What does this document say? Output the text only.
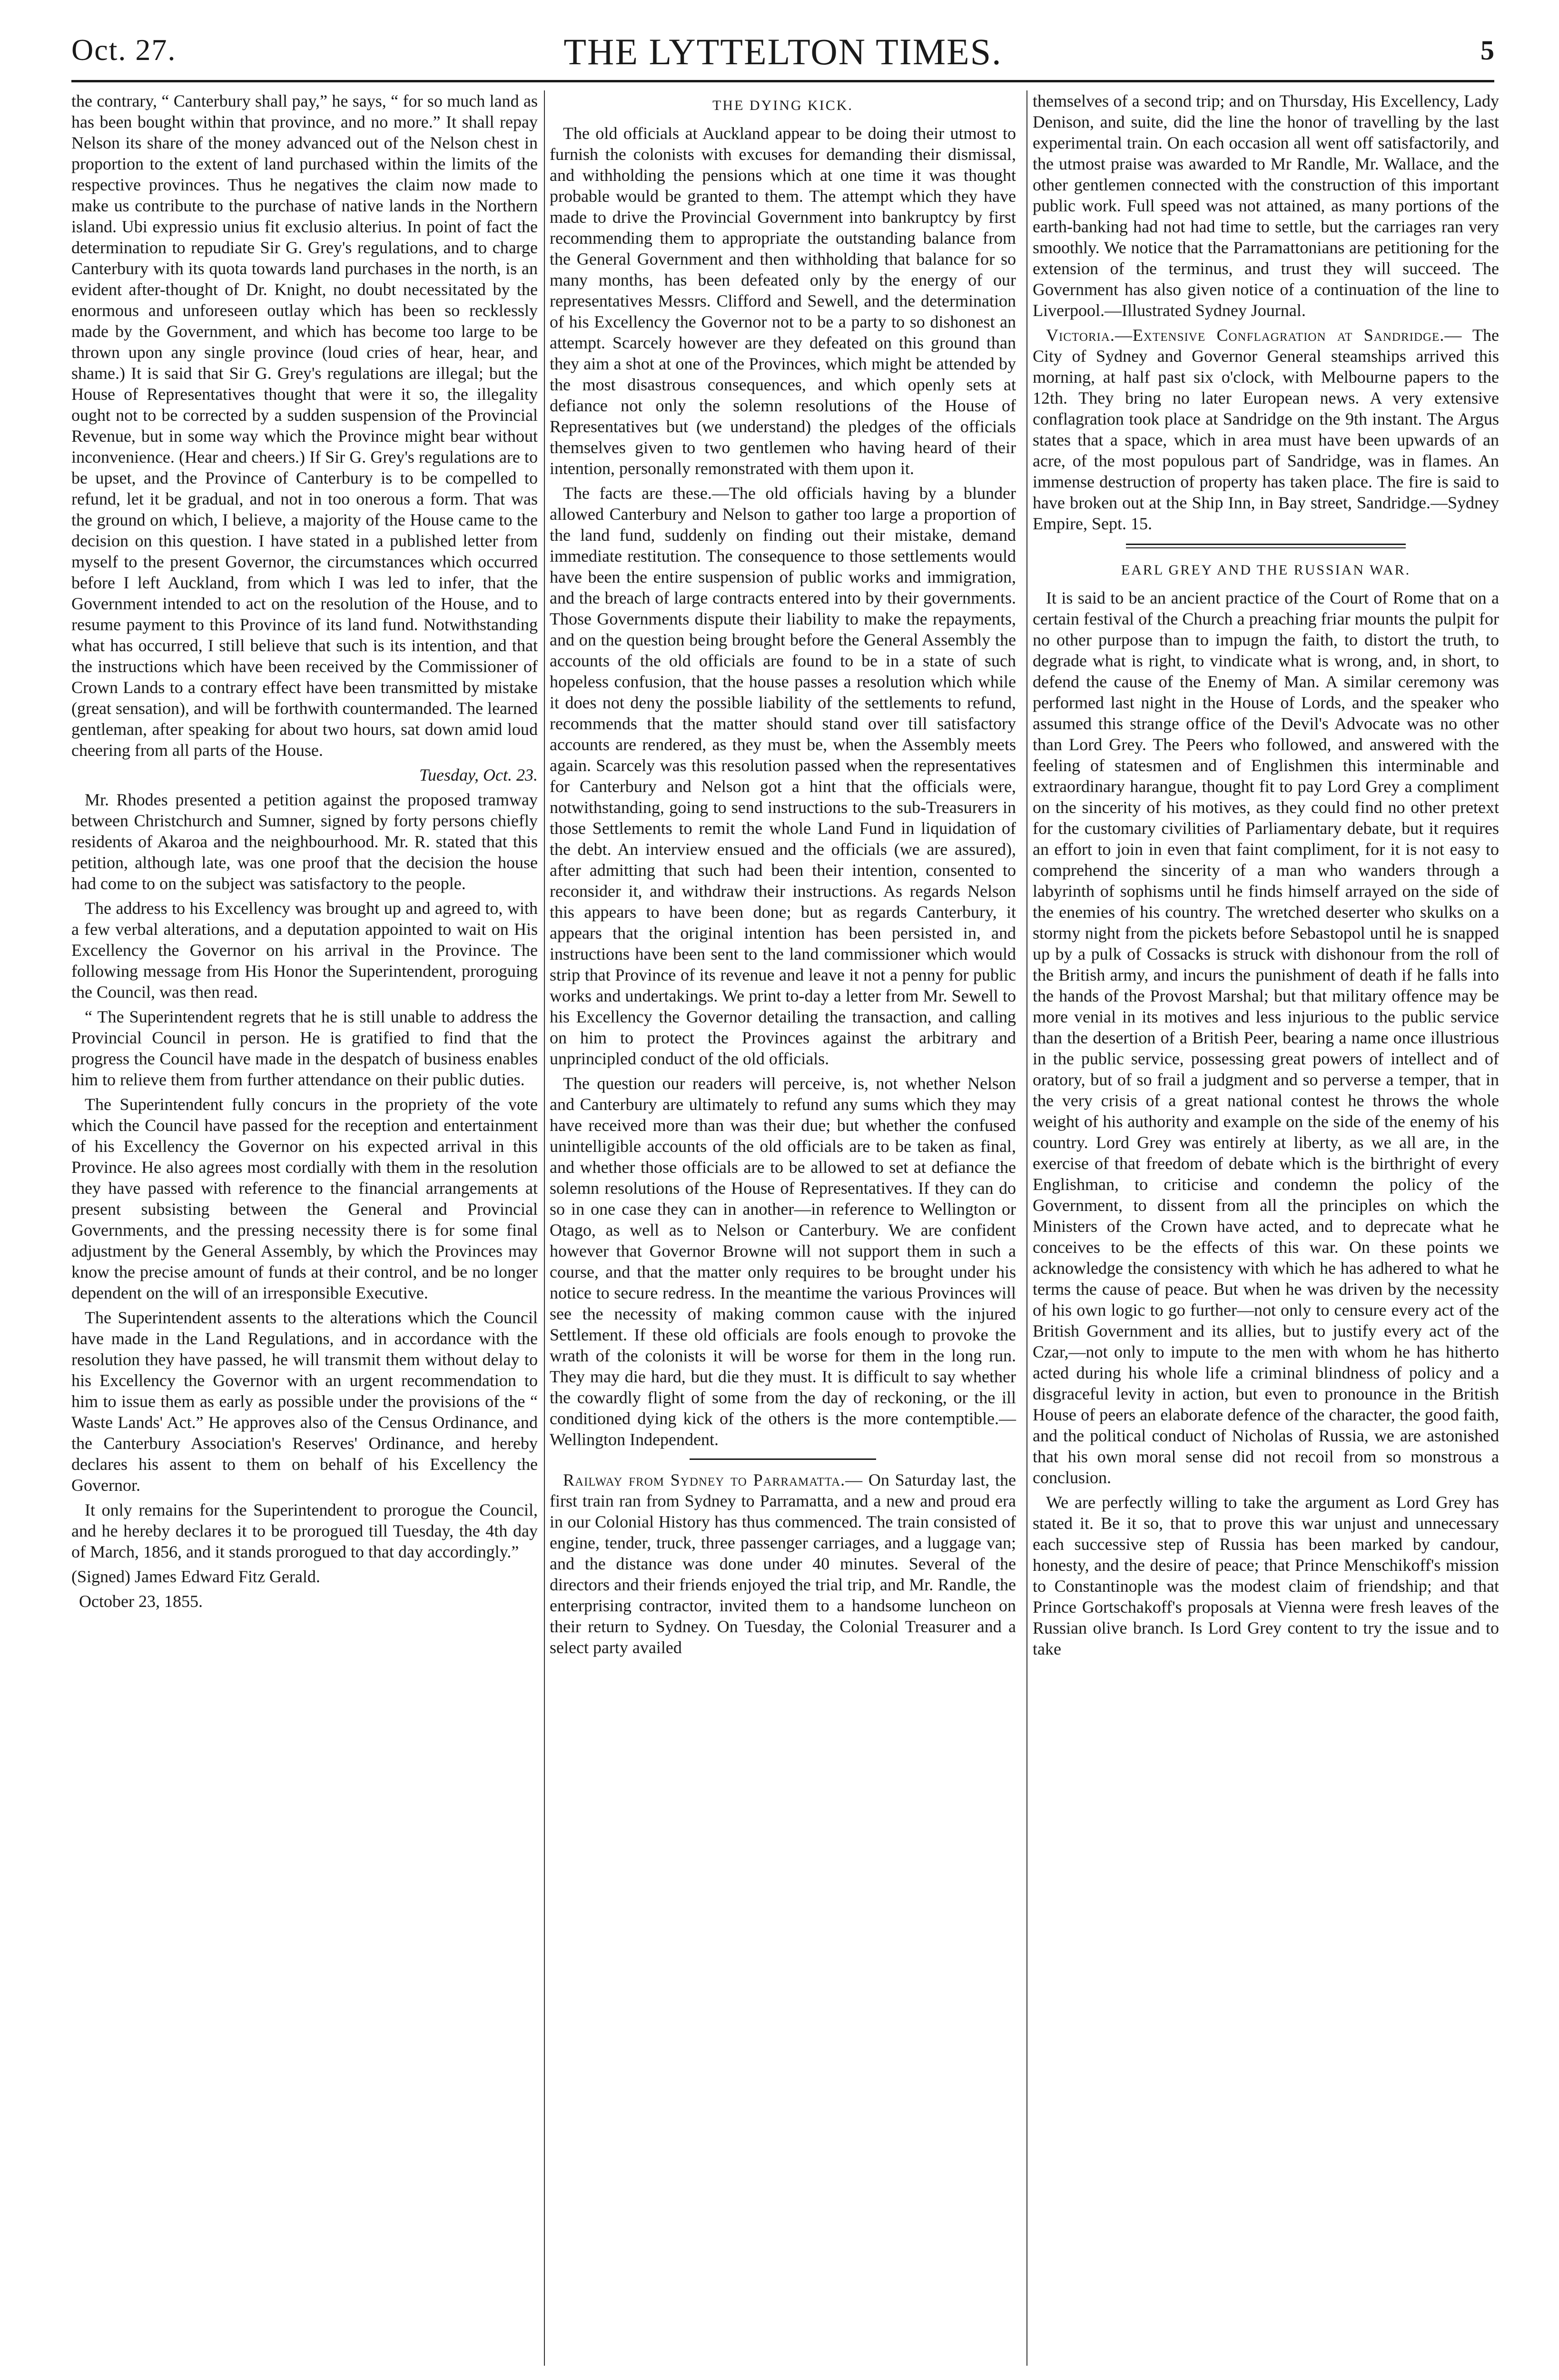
Oct. 27.	THE LYTTELTON TIMES.	5

the contrary, “ Canterbury shall pay,” he says, “ for so much land as has been bought within that province, and no more.” It shall repay Nelson its share of the money advanced out of the Nelson chest in proportion to the extent of land purchased within the limits of the respective provinces. Thus he negatives the claim now made to make us contribute to the purchase of native lands in the Northern island. Ubi expressio unius fit exclusio alterius. In point of fact the determination to repudiate Sir G. Grey's regulations, and to charge Canterbury with its quota towards land purchases in the north, is an evident after-thought of Dr. Knight, no doubt necessitated by the enormous and unforeseen outlay which has been so recklessly made by the Government, and which has become too large to be thrown upon any single province (loud cries of hear, hear, and shame.) It is said that Sir G. Grey's regulations are illegal; but the House of Representatives thought that were it so, the illegality ought not to be corrected by a sudden suspension of the Provincial Revenue, but in some way which the Province might bear without inconvenience. (Hear and cheers.) If Sir G. Grey's regulations are to be upset, and the Province of Canterbury is to be compelled to refund, let it be gradual, and not in too onerous a form. That was the ground on which, I believe, a majority of the House came to the decision on this question. I have stated in a published letter from myself to the present Governor, the circumstances which occurred before I left Auckland, from which I was led to infer, that the Government intended to act on the resolution of the House, and to resume payment to this Province of its land fund. Notwithstanding what has occurred, I still believe that such is its intention, and that the instructions which have been received by the Commissioner of Crown Lands to a contrary effect have been transmitted by mistake (great sensation), and will be forthwith countermanded. The learned gentleman, after speaking for about two hours, sat down amid loud cheering from all parts of the House.

Tuesday, Oct. 23.

Mr. Rhodes presented a petition against the proposed tramway between Christchurch and Sumner, signed by forty persons chiefly residents of Akaroa and the neighbourhood. Mr. R. stated that this petition, although late, was one proof that the decision the house had come to on the subject was satisfactory to the people.

The address to his Excellency was brought up and agreed to, with a few verbal alterations, and a deputation appointed to wait on His Excellency the Governor on his arrival in the Province. The following message from His Honor the Superintendent, proroguing the Council, was then read.

“ The Superintendent regrets that he is still unable to address the Provincial Council in person. He is gratified to find that the progress the Council have made in the despatch of business enables him to relieve them from further attendance on their public duties.

The Superintendent fully concurs in the propriety of the vote which the Council have passed for the reception and entertainment of his Excellency the Governor on his expected arrival in this Province. He also agrees most cordially with them in the resolution they have passed with reference to the financial arrangements at present subsisting between the General and Provincial Governments, and the pressing necessity there is for some final adjustment by the General Assembly, by which the Provinces may know the precise amount of funds at their control, and be no longer dependent on the will of an irresponsible Executive.

The Superintendent assents to the alterations which the Council have made in the Land Regulations, and in accordance with the resolution they have passed, he will transmit them without delay to his Excellency the Governor with an urgent recommendation to him to issue them as early as possible under the provisions of the “ Waste Lands' Act.” He approves also of the Census Ordinance, and the Canterbury Association's Reserves' Ordinance, and hereby declares his assent to them on behalf of his Excellency the Governor.

It only remains for the Superintendent to prorogue the Council, and he hereby declares it to be prorogued till Tuesday, the 4th day of March, 1856, and it stands prorogued to that day accordingly.”

(Signed) James Edward Fitz Gerald.

October 23, 1855.

THE DYING KICK.

The old officials at Auckland appear to be doing their utmost to furnish the colonists with excuses for demanding their dismissal, and withholding the pensions which at one time it was thought probable would be granted to them. The attempt which they have made to drive the Provincial Government into bankruptcy by first recommending them to appropriate the outstanding balance from the General Government and then withholding that balance for so many months, has been defeated only by the energy of our representatives Messrs. Clifford and Sewell, and the determination of his Excellency the Governor not to be a party to so dishonest an attempt. Scarcely however are they defeated on this ground than they aim a shot at one of the Provinces, which might be attended by the most disastrous consequences, and which openly sets at defiance not only the solemn resolutions of the House of Representatives but (we understand) the pledges of the officials themselves given to two gentlemen who having heard of their intention, personally remonstrated with them upon it.

The facts are these.—The old officials having by a blunder allowed Canterbury and Nelson to gather too large a proportion of the land fund, suddenly on finding out their mistake, demand immediate restitution. The consequence to those settlements would have been the entire suspension of public works and immigration, and the breach of large contracts entered into by their governments. Those Governments dispute their liability to make the repayments, and on the question being brought before the General Assembly the accounts of the old officials are found to be in a state of such hopeless confusion, that the house passes a resolution which while it does not deny the possible liability of the settlements to refund, recommends that the matter should stand over till satisfactory accounts are rendered, as they must be, when the Assembly meets again. Scarcely was this resolution passed when the representatives for Canterbury and Nelson got a hint that the officials were, notwithstanding, going to send instructions to the sub-Treasurers in those Settlements to remit the whole Land Fund in liquidation of the debt. An interview ensued and the officials (we are assured), after admitting that such had been their intention, consented to reconsider it, and withdraw their instructions. As regards Nelson this appears to have been done; but as regards Canterbury, it appears that the original intention has been persisted in, and instructions have been sent to the land commissioner which would strip that Province of its revenue and leave it not a penny for public works and undertakings. We print to-day a letter from Mr. Sewell to his Excellency the Governor detailing the transaction, and calling on him to protect the Provinces against the arbitrary and unprincipled conduct of the old officials.

The question our readers will perceive, is, not whether Nelson and Canterbury are ultimately to refund any sums which they may have received more than was their due; but whether the confused unintelligible accounts of the old officials are to be taken as final, and whether those officials are to be allowed to set at defiance the solemn resolutions of the House of Representatives. If they can do so in one case they can in another—in reference to Wellington or Otago, as well as to Nelson or Canterbury. We are confident however that Governor Browne will not support them in such a course, and that the matter only requires to be brought under his notice to secure redress. In the meantime the various Provinces will see the necessity of making common cause with the injured Settlement. If these old officials are fools enough to provoke the wrath of the colonists it will be worse for them in the long run. They may die hard, but die they must. It is difficult to say whether the cowardly flight of some from the day of reckoning, or the ill conditioned dying kick of the others is the more contemptible.—Wellington Independent.

Railway from Sydney to Parramatta.— On Saturday last, the first train ran from Sydney to Parramatta, and a new and proud era in our Colonial History has thus commenced. The train consisted of engine, tender, truck, three passenger carriages, and a luggage van; and the distance was done under 40 minutes. Several of the directors and their friends enjoyed the trial trip, and Mr. Randle, the enterprising contractor, invited them to a handsome luncheon on their return to Sydney. On Tuesday, the Colonial Treasurer and a select party availed

themselves of a second trip; and on Thursday, His Excellency, Lady Denison, and suite, did the line the honor of travelling by the last experimental train. On each occasion all went off satisfactorily, and the utmost praise was awarded to Mr Randle, Mr. Wallace, and the other gentlemen connected with the construction of this important public work. Full speed was not attained, as many portions of the earth-banking had not had time to settle, but the carriages ran very smoothly. We notice that the Parramattonians are petitioning for the extension of the terminus, and trust they will succeed. The Government has also given notice of a continuation of the line to Liverpool.—Illustrated Sydney Journal.

Victoria.—Extensive Conflagration at Sandridge.— The City of Sydney and Governor General steamships arrived this morning, at half past six o'clock, with Melbourne papers to the 12th. They bring no later European news. A very extensive conflagration took place at Sandridge on the 9th instant. The Argus states that a space, which in area must have been upwards of an acre, of the most populous part of Sandridge, was in flames. An immense destruction of property has taken place. The fire is said to have broken out at the Ship Inn, in Bay street, Sandridge.—Sydney Empire, Sept. 15.

EARL GREY AND THE RUSSIAN WAR.

It is said to be an ancient practice of the Court of Rome that on a certain festival of the Church a preaching friar mounts the pulpit for no other purpose than to impugn the faith, to distort the truth, to degrade what is right, to vindicate what is wrong, and, in short, to defend the cause of the Enemy of Man. A similar ceremony was performed last night in the House of Lords, and the speaker who assumed this strange office of the Devil's Advocate was no other than Lord Grey. The Peers who followed, and answered with the feeling of statesmen and of Englishmen this interminable and extraordinary harangue, thought fit to pay Lord Grey a compliment on the sincerity of his motives, as they could find no other pretext for the customary civilities of Parliamentary debate, but it requires an effort to join in even that faint compliment, for it is not easy to comprehend the sincerity of a man who wanders through a labyrinth of sophisms until he finds himself arrayed on the side of the enemies of his country. The wretched deserter who skulks on a stormy night from the pickets before Sebastopol until he is snapped up by a pulk of Cossacks is struck with dishonour from the roll of the British army, and incurs the punishment of death if he falls into the hands of the Provost Marshal; but that military offence may be more venial in its motives and less injurious to the public service than the desertion of a British Peer, bearing a name once illustrious in the public service, possessing great powers of intellect and of oratory, but of so frail a judgment and so perverse a temper, that in the very crisis of a great national contest he throws the whole weight of his authority and example on the side of the enemy of his country. Lord Grey was entirely at liberty, as we all are, in the exercise of that freedom of debate which is the birthright of every Englishman, to criticise and condemn the policy of the Government, to dissent from all the principles on which the Ministers of the Crown have acted, and to deprecate what he conceives to be the effects of this war. On these points we acknowledge the consistency with which he has adhered to what he terms the cause of peace. But when he was driven by the necessity of his own logic to go further—not only to censure every act of the British Government and its allies, but to justify every act of the Czar,—not only to impute to the men with whom he has hitherto acted during his whole life a criminal blindness of policy and a disgraceful levity in action, but even to pronounce in the British House of peers an elaborate defence of the character, the good faith, and the political conduct of Nicholas of Russia, we are astonished that his own moral sense did not recoil from so monstrous a conclusion.

We are perfectly willing to take the argument as Lord Grey has stated it. Be it so, that to prove this war unjust and unnecessary each successive step of Russia has been marked by candour, honesty, and the desire of peace; that Prince Menschikoff's mission to Constantinople was the modest claim of friendship; and that Prince Gortschakoff's proposals at Vienna were fresh leaves of the Russian olive branch. Is Lord Grey content to try the issue and to take
